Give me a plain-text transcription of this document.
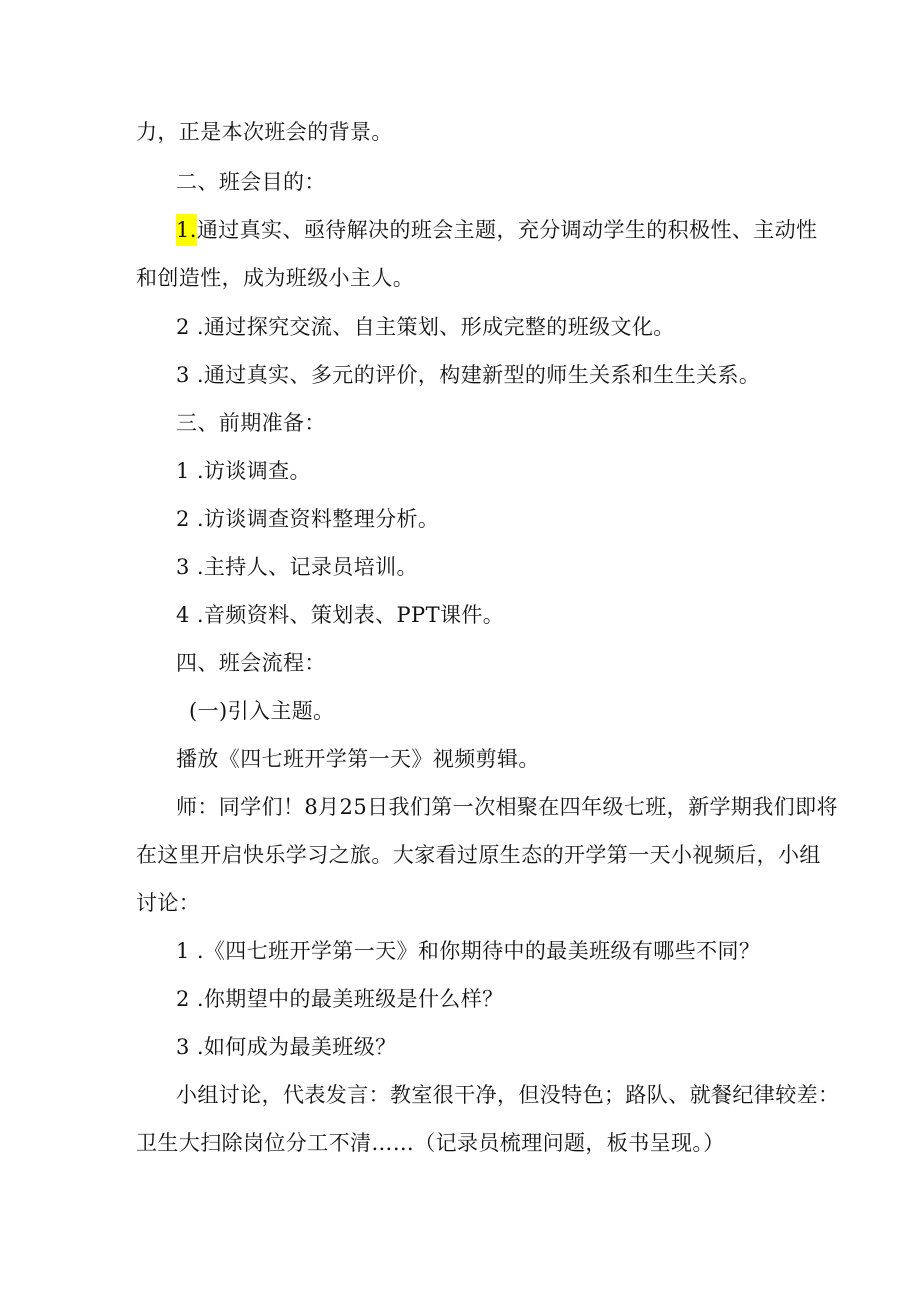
力，正是本次班会的背景。
二、班会目的：
1.通过真实、亟待解决的班会主题，充分调动学生的积极性、主动性
和创造性，成为班级小主人。
2 .通过探究交流、自主策划、形成完整的班级文化。
3 .通过真实、多元的评价，构建新型的师生关系和生生关系。
三、前期准备：
1 .访谈调查。
2 .访谈调查资料整理分析。
3 .主持人、记录员培训。
4 .音频资料、策划表、PPT课件。
四、班会流程：
(一)引入主题。
播放《四七班开学第一天》视频剪辑。
师：同学们！8月25日我们第一次相聚在四年级七班，新学期我们即将
在这里开启快乐学习之旅。大家看过原生态的开学第一天小视频后，小组
讨论：
1 .《四七班开学第一天》和你期待中的最美班级有哪些不同？
2 .你期望中的最美班级是什么样？
3 .如何成为最美班级？
小组讨论，代表发言：教室很干净，但没特色；路队、就餐纪律较差：
卫生大扫除岗位分工不清……（记录员梳理问题，板书呈现。）
